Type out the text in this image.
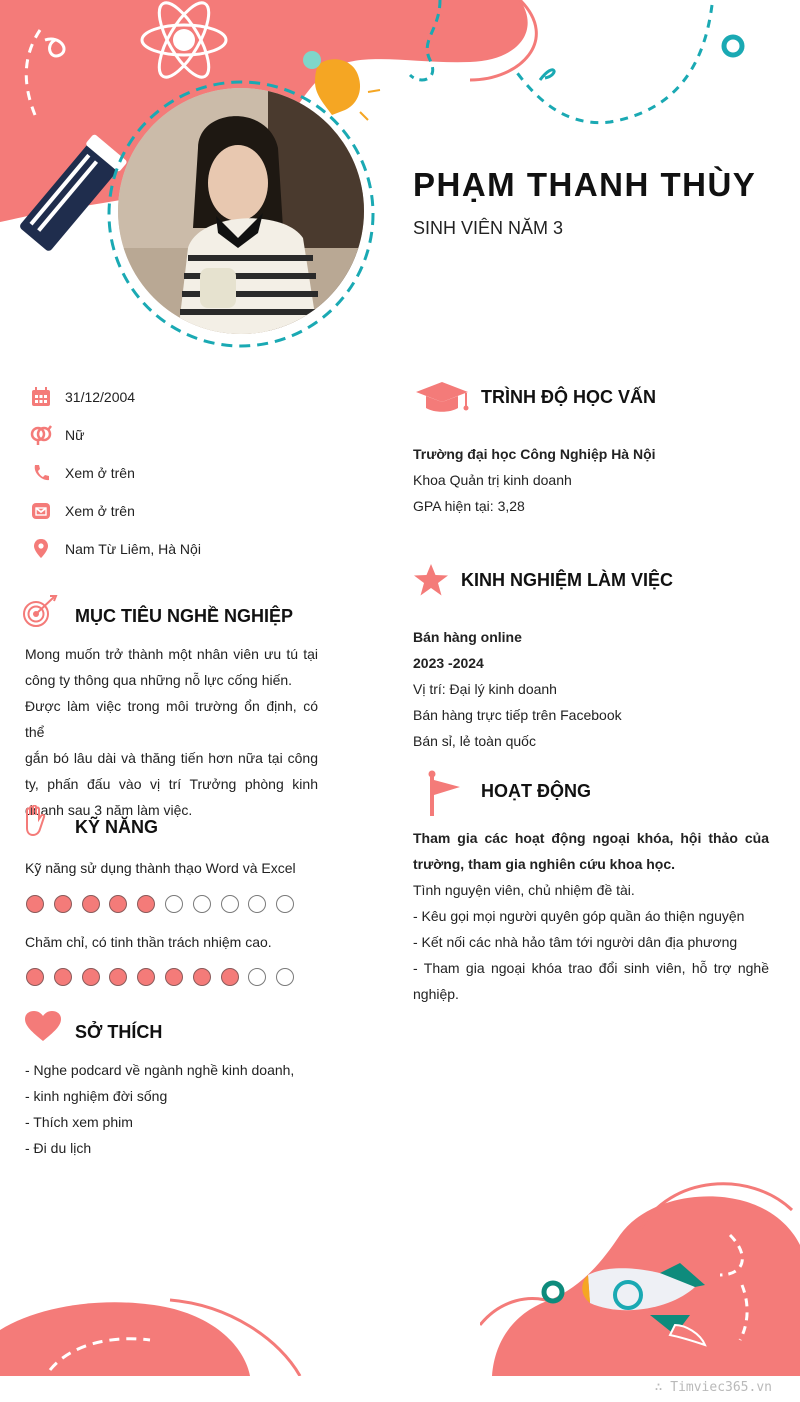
PHẠM THANH THÙY
SINH VIÊN NĂM 3
31/12/2004
Nữ
Xem ở trên
Xem ở trên
Nam Từ Liêm, Hà Nội
MỤC TIÊU NGHỀ NGHIỆP
Mong muốn trở thành một nhân viên ưu tú tại
công ty thông qua những nỗ lực cống hiến.
Được làm việc trong môi trường ổn định, có thể
gắn bó lâu dài và thăng tiến hơn nữa tại công
ty, phấn đấu vào vị trí Trưởng phòng kinh
doanh sau 3 năm làm việc.
KỸ NĂNG
Kỹ năng sử dụng thành thạo Word và Excel
Chăm chỉ, có tinh thần trách nhiệm cao.
SỞ THÍCH
- Nghe podcard về ngành nghề kinh doanh,
- kinh nghiệm đời sống
- Thích xem phim
- Đi du lịch
TRÌNH ĐỘ HỌC VẤN
Trường đại học Công Nghiệp Hà Nội
Khoa Quản trị kinh doanh
GPA hiện tại: 3,28
KINH NGHIỆM LÀM VIỆC
Bán hàng online
2023 -2024
Vị trí: Đại lý kinh doanh
Bán hàng trực tiếp trên Facebook
Bán sỉ, lẻ toàn quốc
HOẠT ĐỘNG
Tham gia các hoạt động ngoại khóa, hội thảo của
trường, tham gia nghiên cứu khoa học.
Tình nguyện viên, chủ nhiệm đề tài.
- Kêu gọi mọi người quyên góp quần áo thiện nguyện
- Kết nối các nhà hảo tâm tới người dân địa phương
- Tham gia ngoại khóa trao đổi sinh viên, hỗ trợ nghề
nghiệp.
∴ Timviec365.vn
